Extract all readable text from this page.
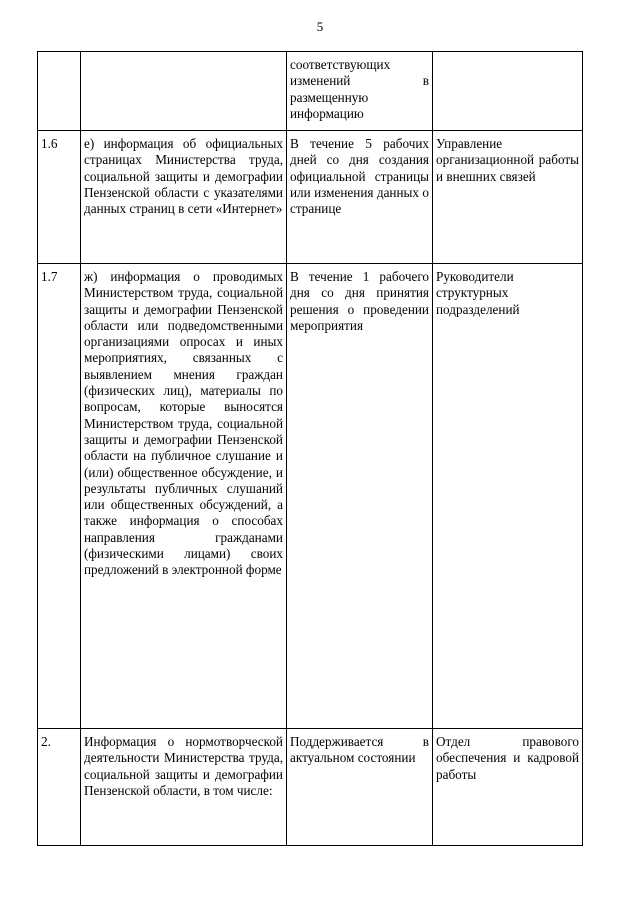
5

		соответствующих изменений в размещенную информацию	

1.6	е) информация об официальных страницах Министерства труда, социальной защиты и демографии Пензенской области с указателями данных страниц в сети «Интернет»	В течение 5 рабочих дней со дня создания официальной страницы или изменения данных о странице	Управление организационной работы и внешних связей

1.7	ж) информация о проводимых Министерством труда, социальной защиты и демографии Пензенской области или подведомственными организациями опросах и иных мероприятиях, связанных с выявлением мнения граждан (физических лиц), материалы по вопросам, которые выносятся Министерством труда, социальной защиты и демографии Пензенской области на публичное слушание и (или) общественное обсуждение, и результаты публичных слушаний или общественных обсуждений, а также информация о способах направления гражданами (физическими лицами) своих предложений в электронной форме	В течение 1 рабочего дня со дня принятия решения о проведении мероприятия	Руководители структурных подразделений

2.	Информация о нормотворческой деятельности Министерства труда, социальной защиты и демографии Пензенской области, в том числе:	Поддерживается в актуальном состоянии	Отдел правового обеспечения и кадровой работы
